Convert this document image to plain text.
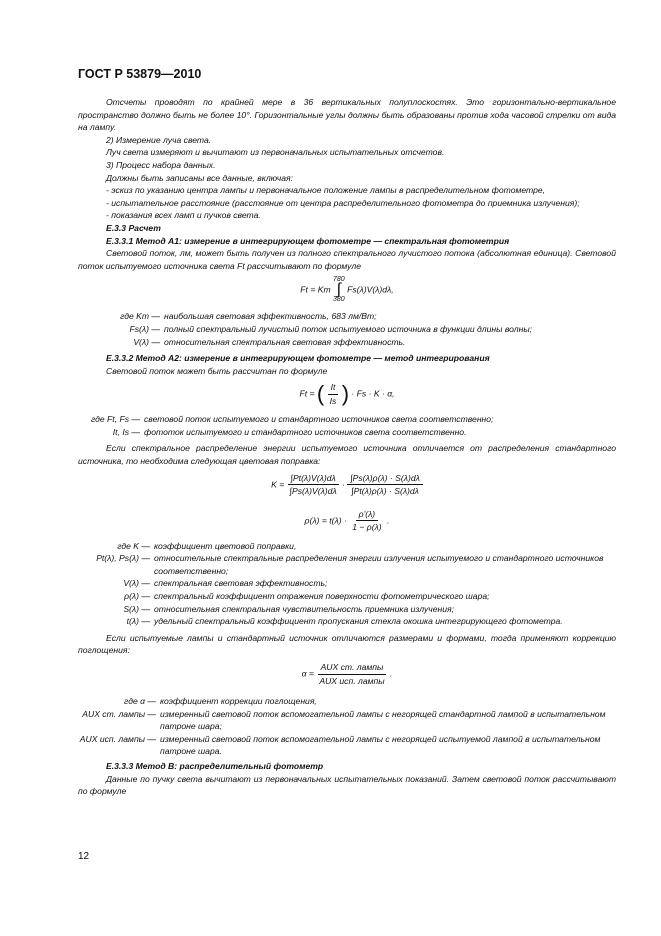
ГОСТ Р 53879—2010

Отсчеты проводят по крайней мере в 36 вертикальных полуплоскостях. Это горизонтально-вертикальное пространство должно быть не более 10°. Горизонтальные углы должны быть образованы против хода часовой стрелки от вида на лампу.

2) Измерение луча света.

Луч света измеряют и вычитают из первоначальных испытательных отсчетов.

3) Процесс набора данных.

Должны быть записаны все данные, включая:

- эскиз по указанию центра лампы и первоначальное положение лампы в распределительном фотометре,

- испытательное расстояние (расстояние от центра распределительного фотометра до приемника излучения);

- показания всех ламп и пучков света.

Е.3.3 Расчет

Е.3.3.1 Метод А1: измерение в интегрирующем фотометре — спектральная фотометрия

Световой поток, лм, может быть получен из полного спектрального лучистого потока (абсолютная единица). Световой поток испытуемого источника света Ft рассчитывают по формуле

Ft = Km
780
∫
380
Fs(λ)V(λ)dλ,
где Km — наибольшая световая эффективность, 683 лм/Вт;
Fs(λ) — полный спектральный лучистый поток испытуемого источника в функции длины волны;
V(λ) — относительная спектральная световая эффективность.

Е.3.3.2 Метод А2: измерение в интегрирующем фотометре — метод интегрирования

Световой поток может быть рассчитан по формуле

Ft = ( $\frac{It}{Is}$ ) · Fs · K · α,
где Ft, Fs — световой поток испытуемого и стандартного источников света соответственно;
It, Is — фототок испытуемого и стандартного источников света соответственно.

Если спектральное распределение энергии испытуемого источника отличается от распределения стандартного источника, то необходима следующая цветовая поправка:

$K = \frac{\int Pt(\lambda)V(\lambda)d\lambda}{\int Ps(\lambda)V(\lambda)d\lambda} \cdot \frac{\int Ps(\lambda)\rho(\lambda) \cdot S(\lambda)d\lambda}{\int Pt(\lambda)\rho(\lambda) \cdot S(\lambda)d\lambda}$
$\rho(\lambda) = t(\lambda) \cdot \frac{\rho'(\lambda)}{1 - \rho(\lambda)}$ .
где K — коэффициент цветовой поправки,
Pt(λ), Ps(λ) — относительные спектральные распределения энергии излучения испытуемого и стандартного источников соответственно;
V(λ) — спектральная световая эффективность;
ρ(λ) — спектральный коэффициент отражения поверхности фотометрического шара;
S(λ) — относительная спектральная чувствительность приемника излучения;
t(λ) — удельный спектральный коэффициент пропускания стекла окошка интегрирующего фотометра.

Если испытуемые лампы и стандартный источник отличаются размерами и формами, тогда применяют коррекцию поглощения:

$\alpha = \frac{\text{AUX ст. лампы}}{\text{AUX исп. лампы}}$ .
где α — коэффициент коррекции поглощения,
AUX ст. лампы — измеренный световой поток вспомогательной лампы с негорящей стандартной лампой в испытательном патроне шара;
AUX исп. лампы — измеренный световой поток вспомогательной лампы с негорящей испытуемой лампой в испытательном патроне шара.

Е.3.3.3 Метод В: распределительный фотометр

Данные по пучку света вычитают из первоначальных испытательных показаний. Затем световой поток рассчитывают по формуле

12
